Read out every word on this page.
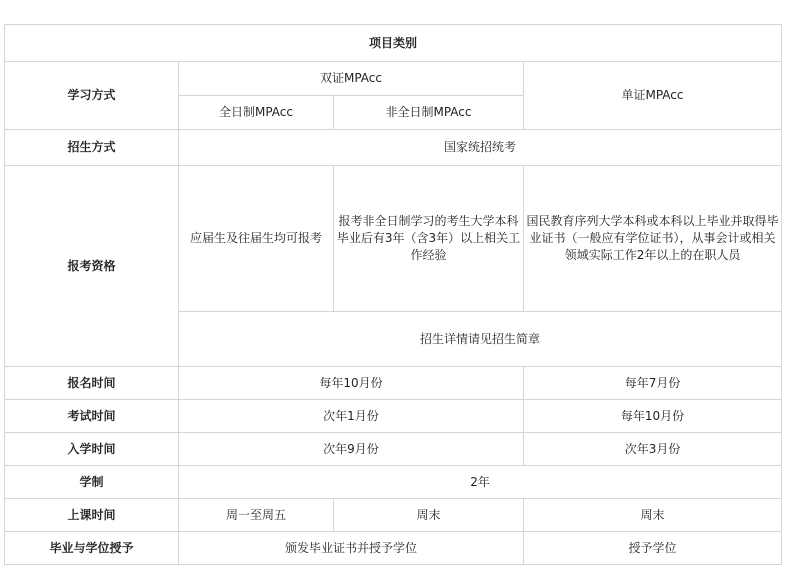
项目类别			
学习方式	双证MPAcc		单证MPAcc
	全日制MPAcc	非全日制MPAcc	
招生方式	国家统招统考		
报考资格	应届生及往届生均可报考	报考非全日制学习的考生大学本科毕业后有3年（含3年）以上相关工作经验	国民教育序列大学本科或本科以上毕业并取得毕业证书（一般应有学位证书），从事会计或相关领域实际工作2年以上的在职人员
	招生详情请见招生简章		
报名时间	每年10月份		每年7月份
考试时间	次年1月份		每年10月份
入学时间	次年9月份		次年3月份
学制	2年		
上课时间	周一至周五	周末	周末
毕业与学位授予	颁发毕业证书并授予学位		授予学位
